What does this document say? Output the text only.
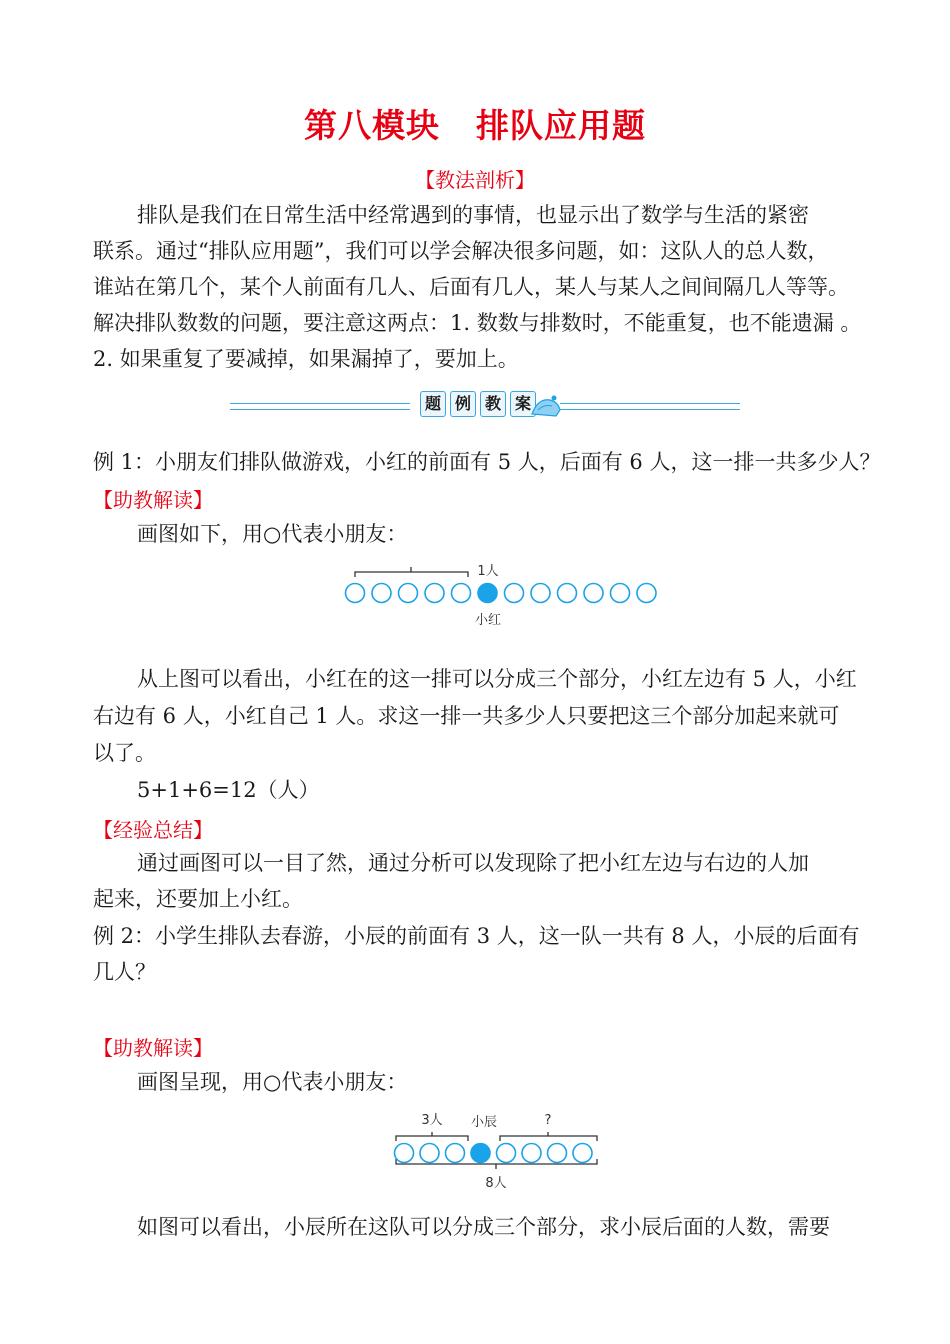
第八模块 排队应用题
【教法剖析】
排队是我们在日常生活中经常遇到的事情，也显示出了数学与生活的紧密
联系。通过“排队应用题”，我们可以学会解决很多问题，如：这队人的总人数，
谁站在第几个，某个人前面有几人、后面有几人，某人与某人之间间隔几人等等。
解决排队数数的问题，要注意这两点：1. 数数与排数时，不能重复，也不能遗漏 。
2. 如果重复了要减掉，如果漏掉了，要加上。
题 例 教 案
例 1：小朋友们排队做游戏，小红的前面有 5 人，后面有 6 人，这一排一共多少人？
【助教解读】
画图如下，用○代表小朋友：
1人
小红
从上图可以看出，小红在的这一排可以分成三个部分，小红左边有 5 人，小红
右边有 6 人，小红自己 1 人。求这一排一共多少人只要把这三个部分加起来就可
以了。
5+1+6=12（人）
【经验总结】
通过画图可以一目了然，通过分析可以发现除了把小红左边与右边的人加
起来，还要加上小红。
例 2：小学生排队去春游，小辰的前面有 3 人，这一队一共有 8 人，小辰的后面有
几人？
【助教解读】
画图呈现，用○代表小朋友：
3人 小辰	?
8人
如图可以看出，小辰所在这队可以分成三个部分，求小辰后面的人数，需要
